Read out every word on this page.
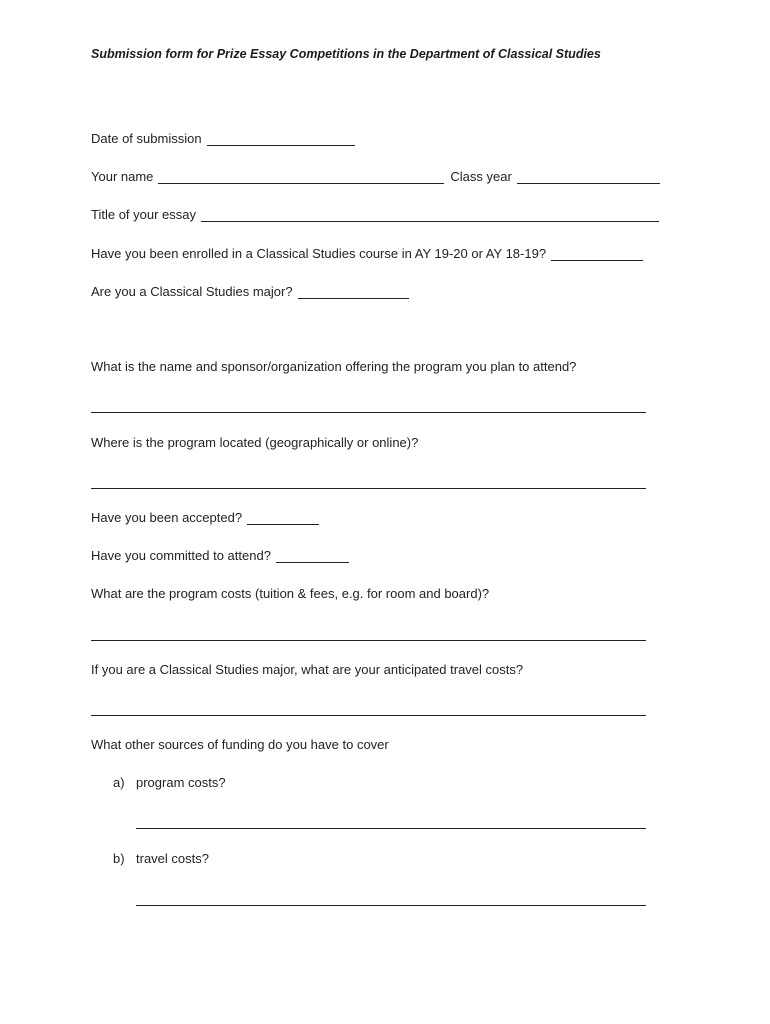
Submission form for Prize Essay Competitions in the Department of Classical Studies
Date of submission
Your name	Class year
Title of your essay
Have you been enrolled in a Classical Studies course in AY 19-20 or AY 18-19?
Are you a Classical Studies major?
What is the name and sponsor/organization offering the program you plan to attend?
Where is the program located (geographically or online)?
Have you been accepted?
Have you committed to attend?
What are the program costs (tuition & fees, e.g. for room and board)?
If you are a Classical Studies major, what are your anticipated travel costs?
What other sources of funding do you have to cover
a) program costs?
b) travel costs?
